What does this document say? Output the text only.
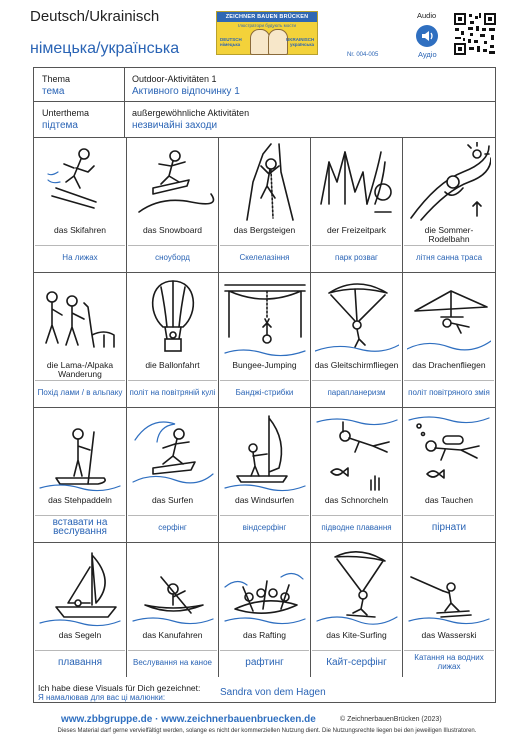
Deutsch/Ukrainisch
німецька/українська
ZEICHNER BAUEN BRÜCKEN
Ілюстратори будують мости
DEUTSCH німецька
UKRAINISCH українська
Nr. 004-005
Audio
Аудіо
Thema
тема
Outdoor-Aktivitäten 1
Активного відпочинку 1
Unterthema
підтема
außergewöhnliche Aktivitäten
незвичайні заходи
das Skifahren
На лижах
das Snowboard
сноуборд
das Bergsteigen
Скелелазіння
der Freizeitpark
парк розваг
die Sommer-Rodelbahn
літня санна траса
die Lama-/Alpaka Wanderung
Похід лами / в альпаку
die Ballonfahrt
політ на повітряній кулі
Bungee-Jumping
Банджі-стрибки
das Gleitschirmfliegen
парапланеризм
das Drachenfliegen
політ повітряного змія
das Stehpaddeln
вставати на веслування
das Surfen
серфінг
das Windsurfen
віндсерфінг
das Schnorcheln
підводне плавання
das Tauchen
пірнати
das Segeln
плавання
das Kanufahren
Веслування на каное
das Rafting
рафтинг
das Kite-Surfing
Кайт-серфінг
das Wasserski
Катання на водних лижах
Ich habe diese Visuals für Dich gezeichnet:
Я намалював для вас ці малюнки:	Sandra von dem Hagen
www.zbbgruppe.de · www.zeichnerbauenbruecken.de	© ZeichnerbauenBrücken (2023)
Dieses Material darf gerne vervielfältigt werden, solange es nicht der kommerziellen Nutzung dient. Die Nutzungsrechte liegen bei den jeweiligen Illustratoren.
